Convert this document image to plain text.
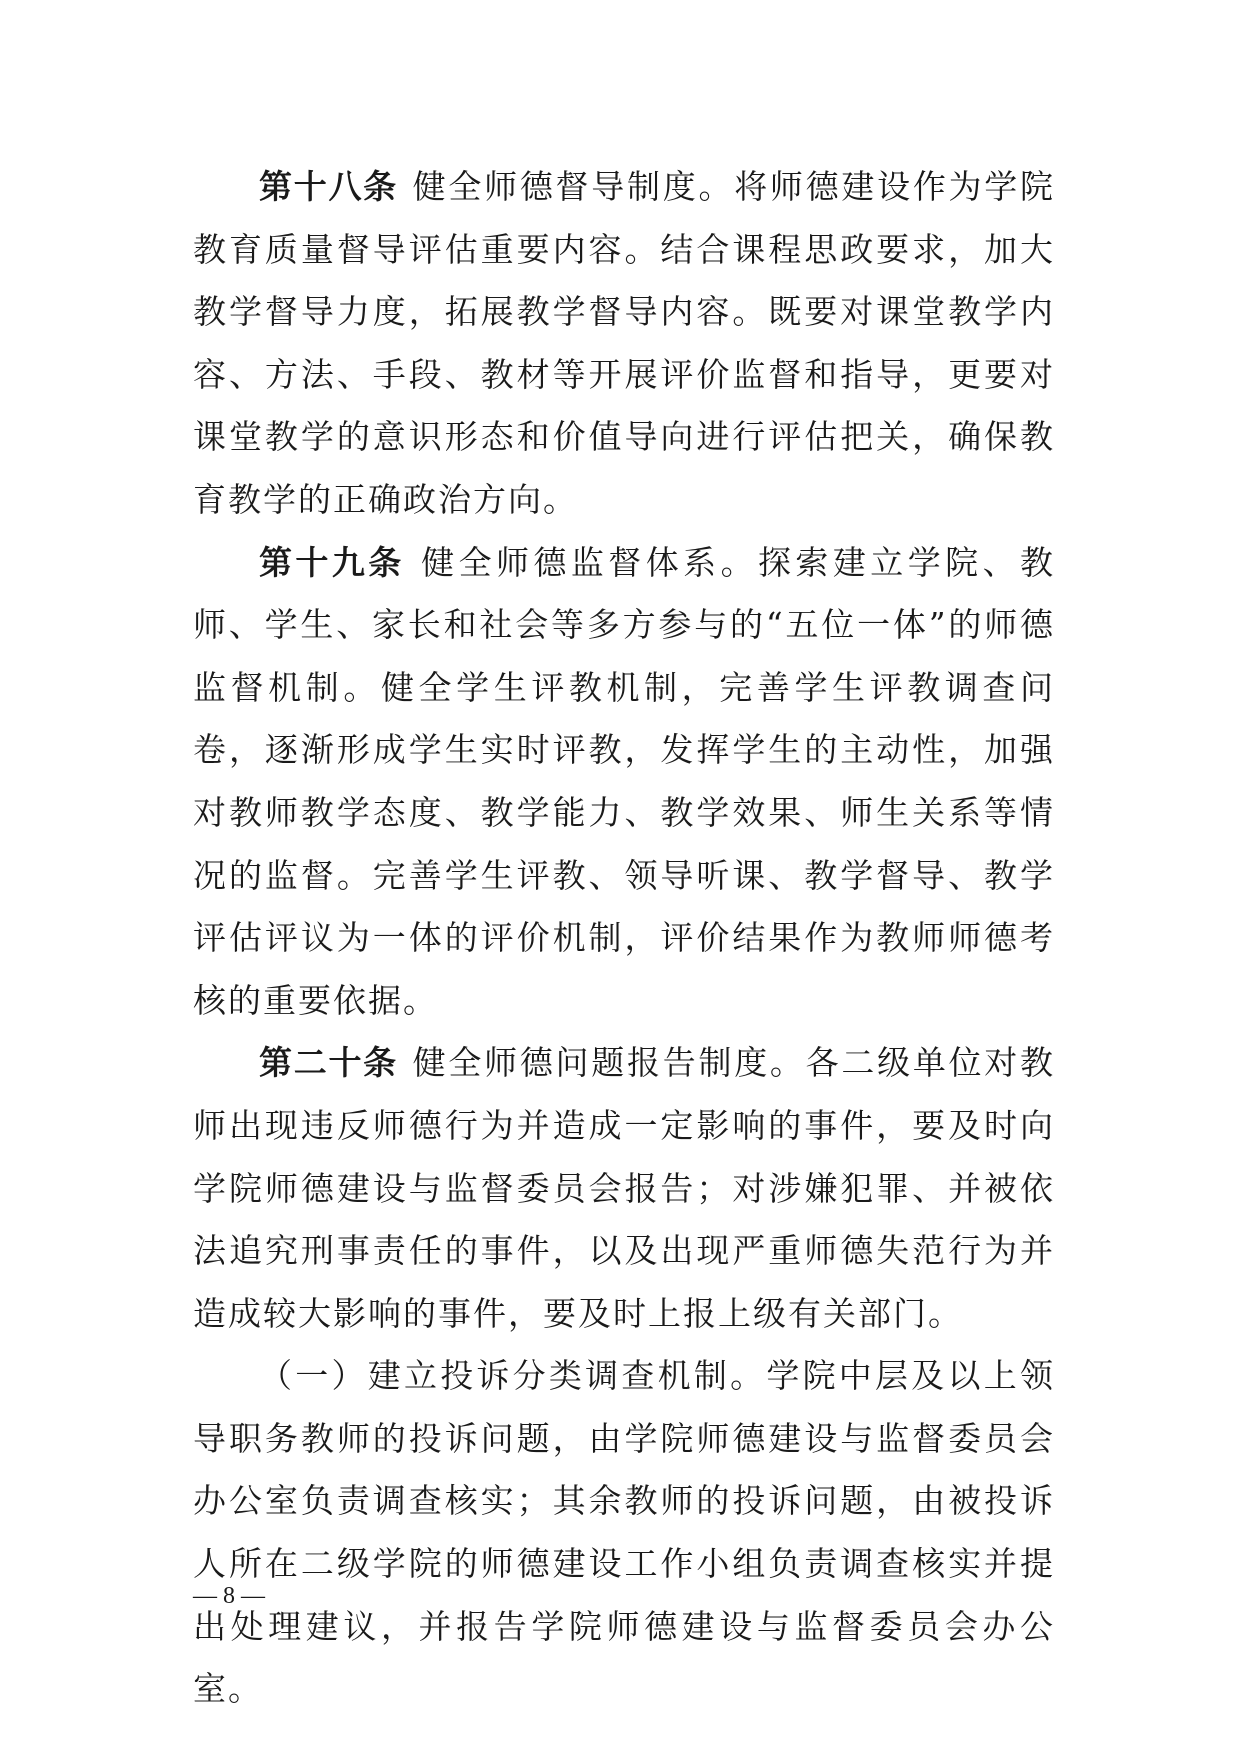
第十八条 健全师德督导制度。将师德建设作为学院教育质量督导评估重要内容。结合课程思政要求，加大教学督导力度，拓展教学督导内容。既要对课堂教学内容、方法、手段、教材等开展评价监督和指导，更要对课堂教学的意识形态和价值导向进行评估把关，确保教育教学的正确政治方向。

第十九条 健全师德监督体系。探索建立学院、教师、学生、家长和社会等多方参与的“五位一体”的师德监督机制。健全学生评教机制，完善学生评教调查问卷，逐渐形成学生实时评教，发挥学生的主动性，加强对教师教学态度、教学能力、教学效果、师生关系等情况的监督。完善学生评教、领导听课、教学督导、教学评估评议为一体的评价机制，评价结果作为教师师德考核的重要依据。

第二十条 健全师德问题报告制度。各二级单位对教师出现违反师德行为并造成一定影响的事件，要及时向学院师德建设与监督委员会报告；对涉嫌犯罪、并被依法追究刑事责任的事件，以及出现严重师德失范行为并造成较大影响的事件，要及时上报上级有关部门。

（一）建立投诉分类调查机制。学院中层及以上领导职务教师的投诉问题，由学院师德建设与监督委员会办公室负责调查核实；其余教师的投诉问题，由被投诉人所在二级学院的师德建设工作小组负责调查核实并提出处理建议，并报告学院师德建设与监督委员会办公室。

— 8 —
